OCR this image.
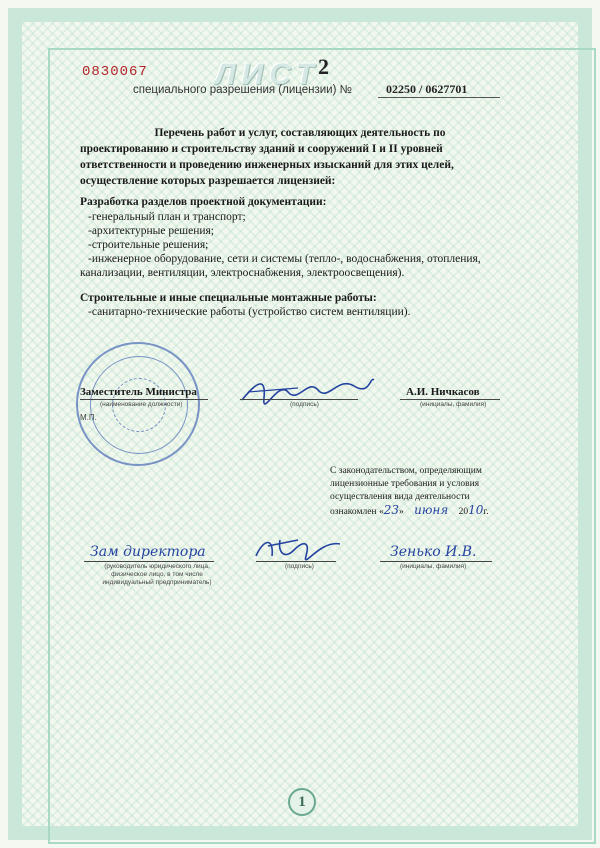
0830067 ЛИСТ
2
специального разрешения (лицензии) №	02250 / 0627701
Перечень работ и услуг, составляющих деятельность по
проектированию и строительству зданий и сооружений I и II уровней
ответственности и проведению инженерных изысканий для этих целей,
осуществление которых разрешается лицензией:
Разработка разделов проектной документации:
-генеральный план и транспорт;
-архитектурные решения;
-строительные решения;
-инженерное оборудование, сети и системы (тепло-, водоснабжения, отопления,
канализации, вентиляции, электроснабжения, электроосвещения).
Строительные и иные специальные монтажные работы:
-санитарно-технические работы (устройство систем вентиляции).
Заместитель Министра
(наименование должности)
М.П.
(подпись)
А.И. Ничкасов
(инициалы, фамилия)
С законодательством, определяющим
лицензионные требования и условия
осуществления вида деятельности
ознакомлен «23» июня 2010г.
Зам директора
(руководитель юридического лица,
физическое лицо, в том числе
индивидуальный предприниматель)
(подпись)
Зенько И.В.
(инициалы, фамилия)
1
